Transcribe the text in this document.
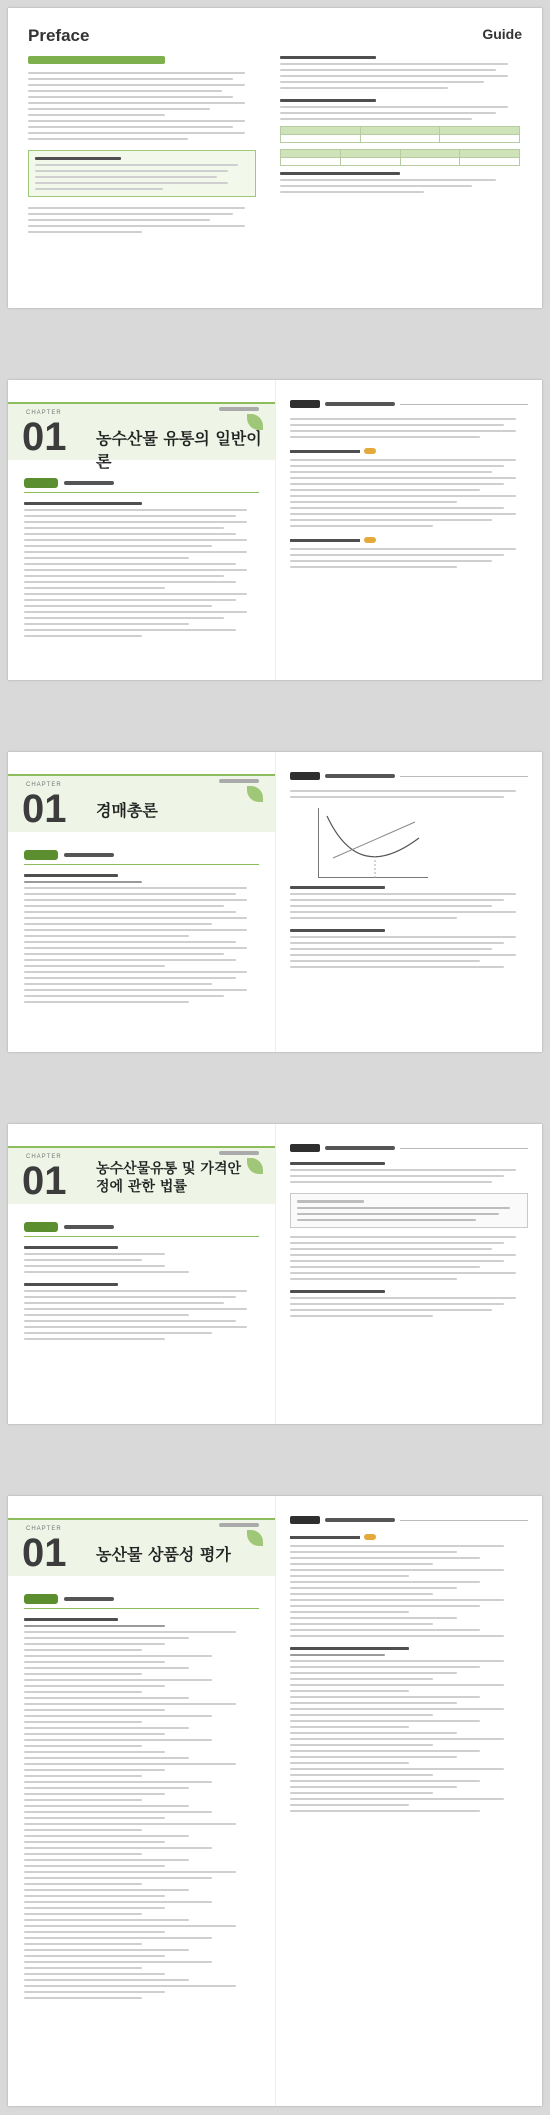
Preface	Guide

CHAPTER
01 농수산물 유통의 일반이론
CHAPTER
01 경매총론
CHAPTER
01 농수산물유통 및 가격안정에 관한 법률
CHAPTER
01 농산물 상품성 평가
